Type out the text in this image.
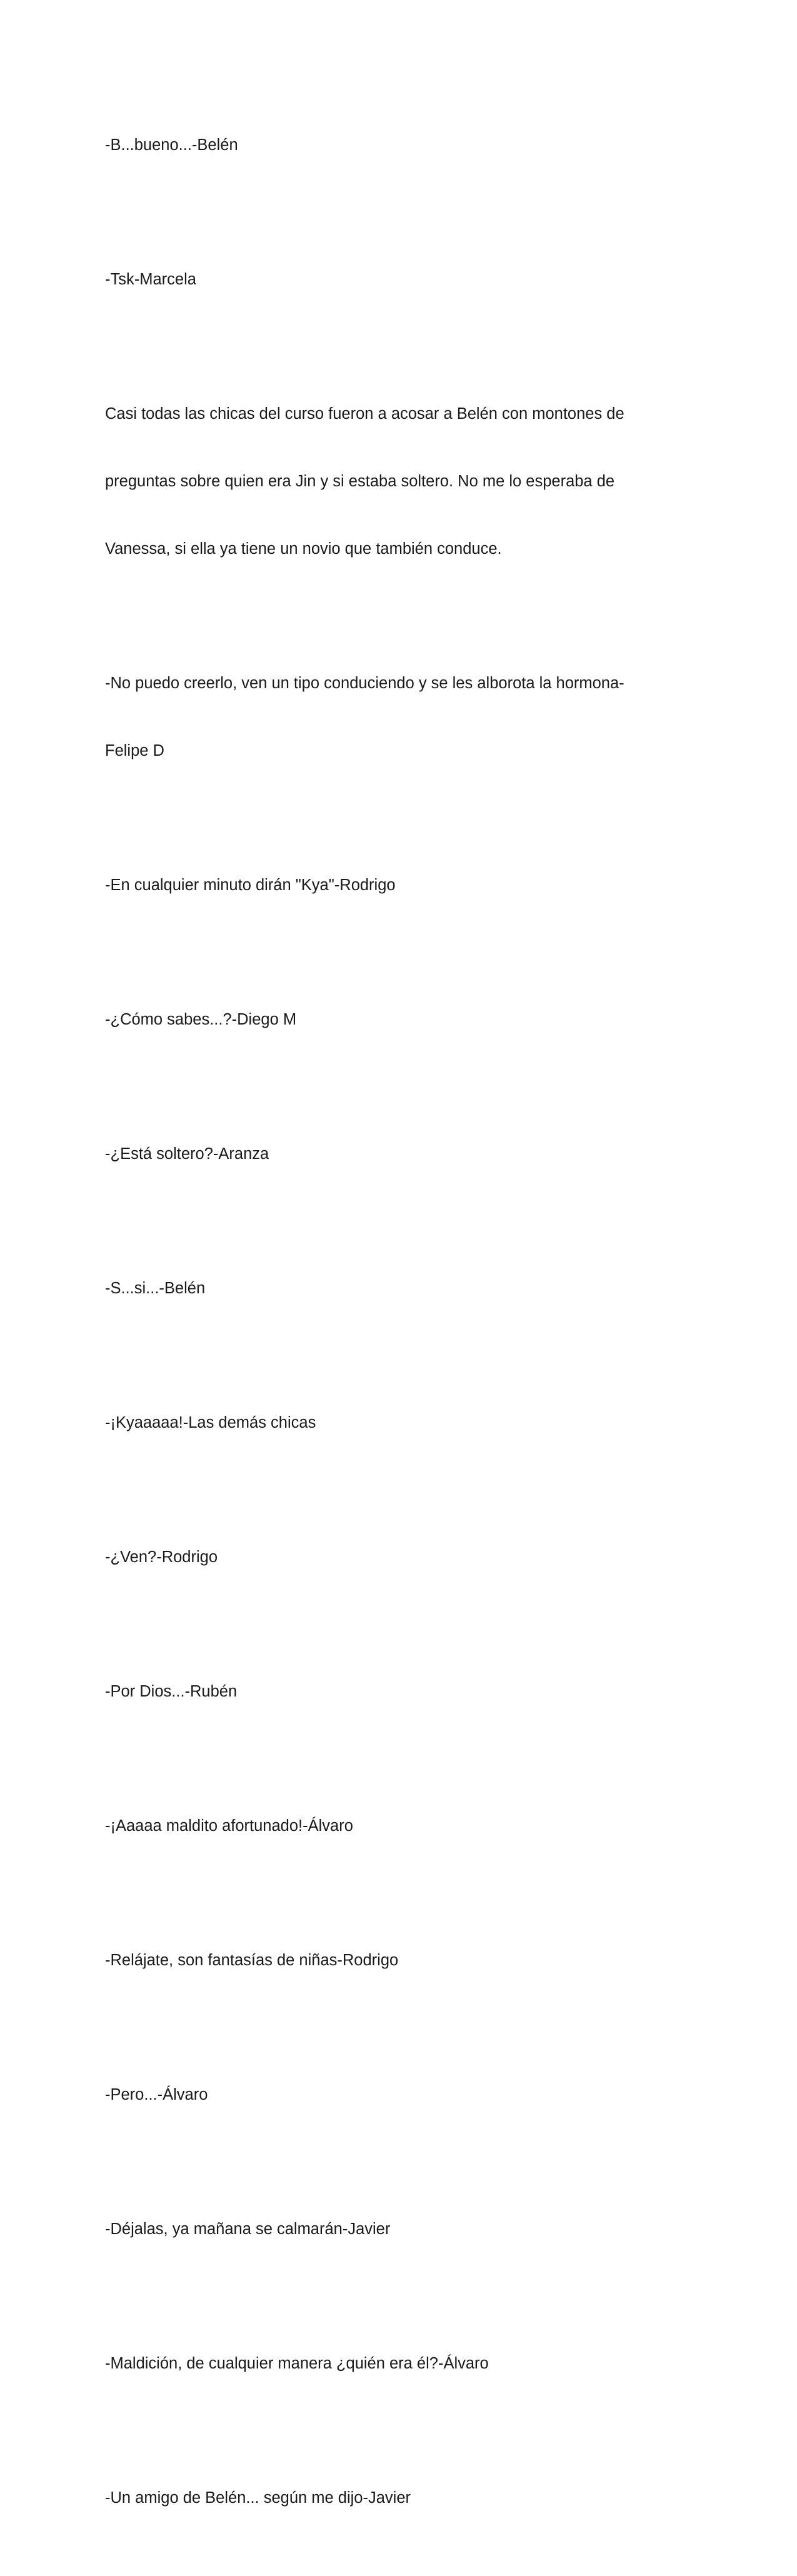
-B...bueno...-Belén

-Tsk-Marcela

Casi todas las chicas del curso fueron a acosar a Belén con montones de

preguntas sobre quien era Jin y si estaba soltero. No me lo esperaba de

Vanessa, si ella ya tiene un novio que también conduce.

-No puedo creerlo, ven un tipo conduciendo y se les alborota la hormona-

Felipe D

-En cualquier minuto dirán "Kya"-Rodrigo

-¿Cómo sabes...?-Diego M

-¿Está soltero?-Aranza

-S...si...-Belén

-¡Kyaaaaa!-Las demás chicas

-¿Ven?-Rodrigo

-Por Dios...-Rubén

-¡Aaaaa maldito afortunado!-Álvaro

-Relájate, son fantasías de niñas-Rodrigo

-Pero...-Álvaro

-Déjalas, ya mañana se calmarán-Javier

-Maldición, de cualquier manera ¿quién era él?-Álvaro

-Un amigo de Belén... según me dijo-Javier
